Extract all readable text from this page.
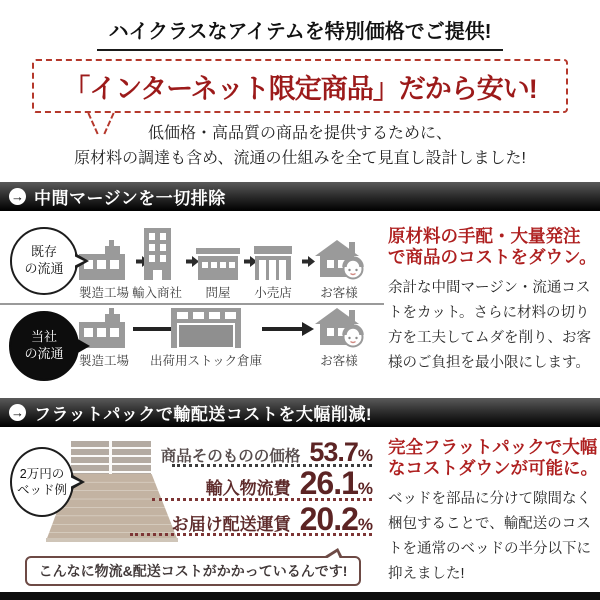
ハイクラスなアイテムを特別価格でご提供!
「インターネット限定商品」だから安い!
低価格・高品質の商品を提供するために、
原材料の調達も含め、流通の仕組みを全て見直し設計しました!
→ 中間マージンを一切排除
既存
の流通
製造工場 輸入商社 問屋 小売店 お客様
当社
の流通 製造工場 出荷用ストック倉庫	お客様
原材料の手配・大量発注
で商品のコストをダウン。
余計な中間マージン・流通コストをカット。さらに材料の切り方を工夫してムダを削り、お客様のご負担を最小限にします。
→ フラットパックで輸配送コストを大幅削減!
2万円の
ベッド例
商品そのものの価格 53.7%
輸入物流費 26.1%
お届け配送運賃 20.2%
こんなに物流&配送コストがかかっているんです!
完全フラットパックで大幅
なコストダウンが可能に。
ベッドを部品に分けて隙間なく梱包することで、輸配送のコストを通常のベッドの半分以下に抑えました!
